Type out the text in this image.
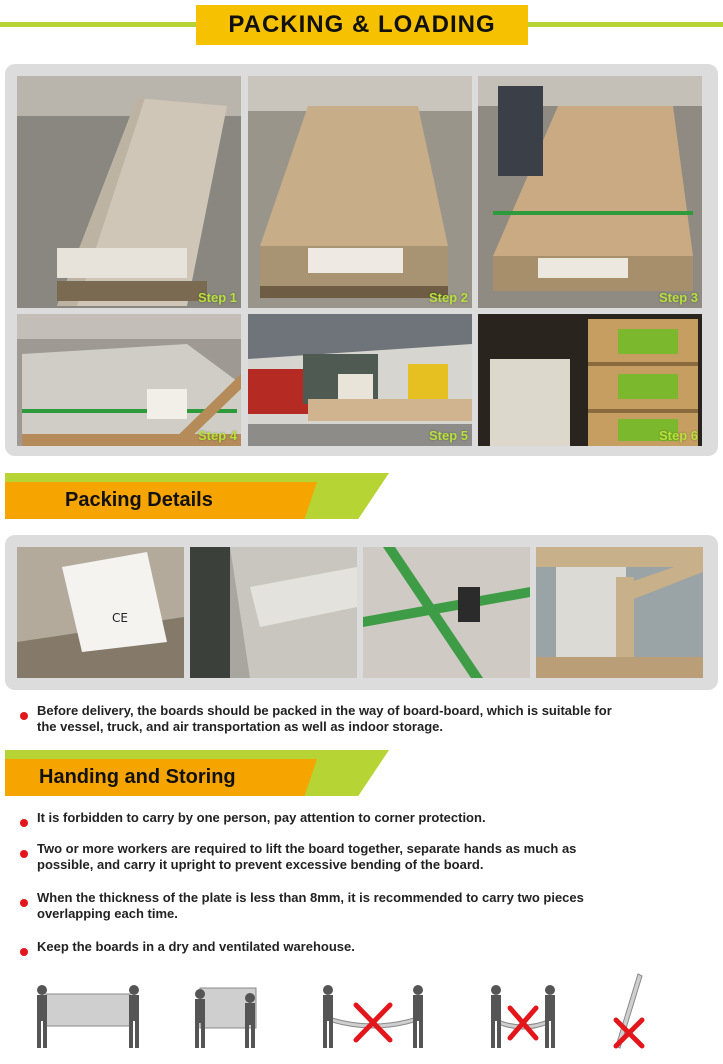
PACKING & LOADING
Step 1	Step 2	Step 3
Step 4	Step 5	Step 6
Packing Details
CE
Before delivery, the boards should be packed in the way of board-board, which is suitable for the vessel, truck, and air transportation as well as indoor storage.
Handing and Storing
It is forbidden to carry by one person, pay attention to corner protection.
Two or more workers are required to lift the board together, separate hands as much as possible, and carry it upright to prevent excessive bending of the board.
When the thickness of the plate is less than 8mm, it is recommended to carry two pieces overlapping each time.
Keep the boards in a dry and ventilated warehouse.
